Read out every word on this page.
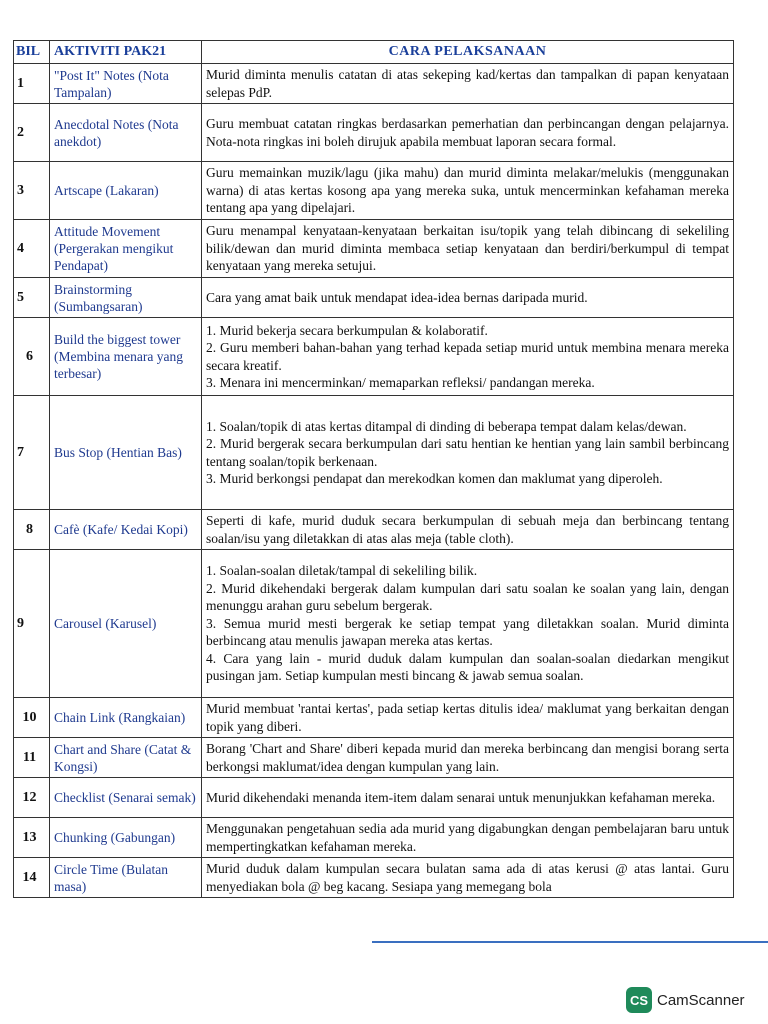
BIL	AKTIVITI PAK21	CARA PELAKSANAAN
1	"Post It" Notes (Nota Tampalan)	Murid diminta menulis catatan di atas sekeping kad/kertas dan tampalkan di papan kenyataan selepas PdP.

2	Anecdotal Notes (Nota anekdot)	Guru membuat catatan ringkas berdasarkan pemerhatian dan perbincangan dengan pelajarnya. Nota-nota ringkas ini boleh dirujuk apabila membuat laporan secara formal.

3	Artscape (Lakaran)	Guru memainkan muzik/lagu (jika mahu) dan murid diminta melakar/melukis (menggunakan warna) di atas kertas kosong apa yang mereka suka, untuk mencerminkan kefahaman mereka tentang apa yang dipelajari.

4	Attitude Movement (Pergerakan mengikut Pendapat)	Guru menampal kenyataan-kenyataan berkaitan isu/topik yang telah dibincang di sekeliling bilik/dewan dan murid diminta membaca setiap kenyataan dan berdiri/berkumpul di tempat kenyataan yang mereka setujui.

5	Brainstorming (Sumbangsaran)	Cara yang amat baik untuk mendapat idea-idea bernas daripada murid.

6	Build the biggest tower (Membina menara yang terbesar)	1. Murid bekerja secara berkumpulan & kolaboratif.
2. Guru memberi bahan-bahan yang terhad kepada setiap murid untuk membina menara mereka secara kreatif.
3. Menara ini mencerminkan/ memaparkan refleksi/ pandangan mereka.

7	Bus Stop (Hentian Bas)	1. Soalan/topik di atas kertas ditampal di dinding di beberapa tempat dalam kelas/dewan.
2. Murid bergerak secara berkumpulan dari satu hentian ke hentian yang lain sambil berbincang tentang soalan/topik berkenaan.
3. Murid berkongsi pendapat dan merekodkan komen dan maklumat yang diperoleh.

8	Cafè (Kafe/ Kedai Kopi)	Seperti di kafe, murid duduk secara berkumpulan di sebuah meja dan berbincang tentang soalan/isu yang diletakkan di atas alas meja (table cloth).

9	Carousel (Karusel)	1. Soalan-soalan diletak/tampal di sekeliling bilik.
2. Murid dikehendaki bergerak dalam kumpulan dari satu soalan ke soalan yang lain, dengan menunggu arahan guru sebelum bergerak.
3. Semua murid mesti bergerak ke setiap tempat yang diletakkan soalan. Murid diminta berbincang atau menulis jawapan mereka atas kertas.
4. Cara yang lain - murid duduk dalam kumpulan dan soalan-soalan diedarkan mengikut pusingan jam. Setiap kumpulan mesti bincang & jawab semua soalan.

10	Chain Link (Rangkaian)	Murid membuat 'rantai kertas', pada setiap kertas ditulis idea/ maklumat yang berkaitan dengan topik yang diberi.

11	Chart and Share (Catat & Kongsi)	Borang 'Chart and Share' diberi kepada murid dan mereka berbincang dan mengisi borang serta berkongsi maklumat/idea dengan kumpulan yang lain.

12	Checklist (Senarai semak)	Murid dikehendaki menanda item-item dalam senarai untuk menunjukkan kefahaman mereka.

13	Chunking (Gabungan)	Menggunakan pengetahuan sedia ada murid yang digabungkan dengan pembelajaran baru untuk mempertingkatkan kefahaman mereka.

14	Circle Time (Bulatan masa)	Murid duduk dalam kumpulan secara bulatan sama ada di atas kerusi @ atas lantai. Guru menyediakan bola @ beg kacang. Sesiapa yang memegang bola
CS CamScanner
